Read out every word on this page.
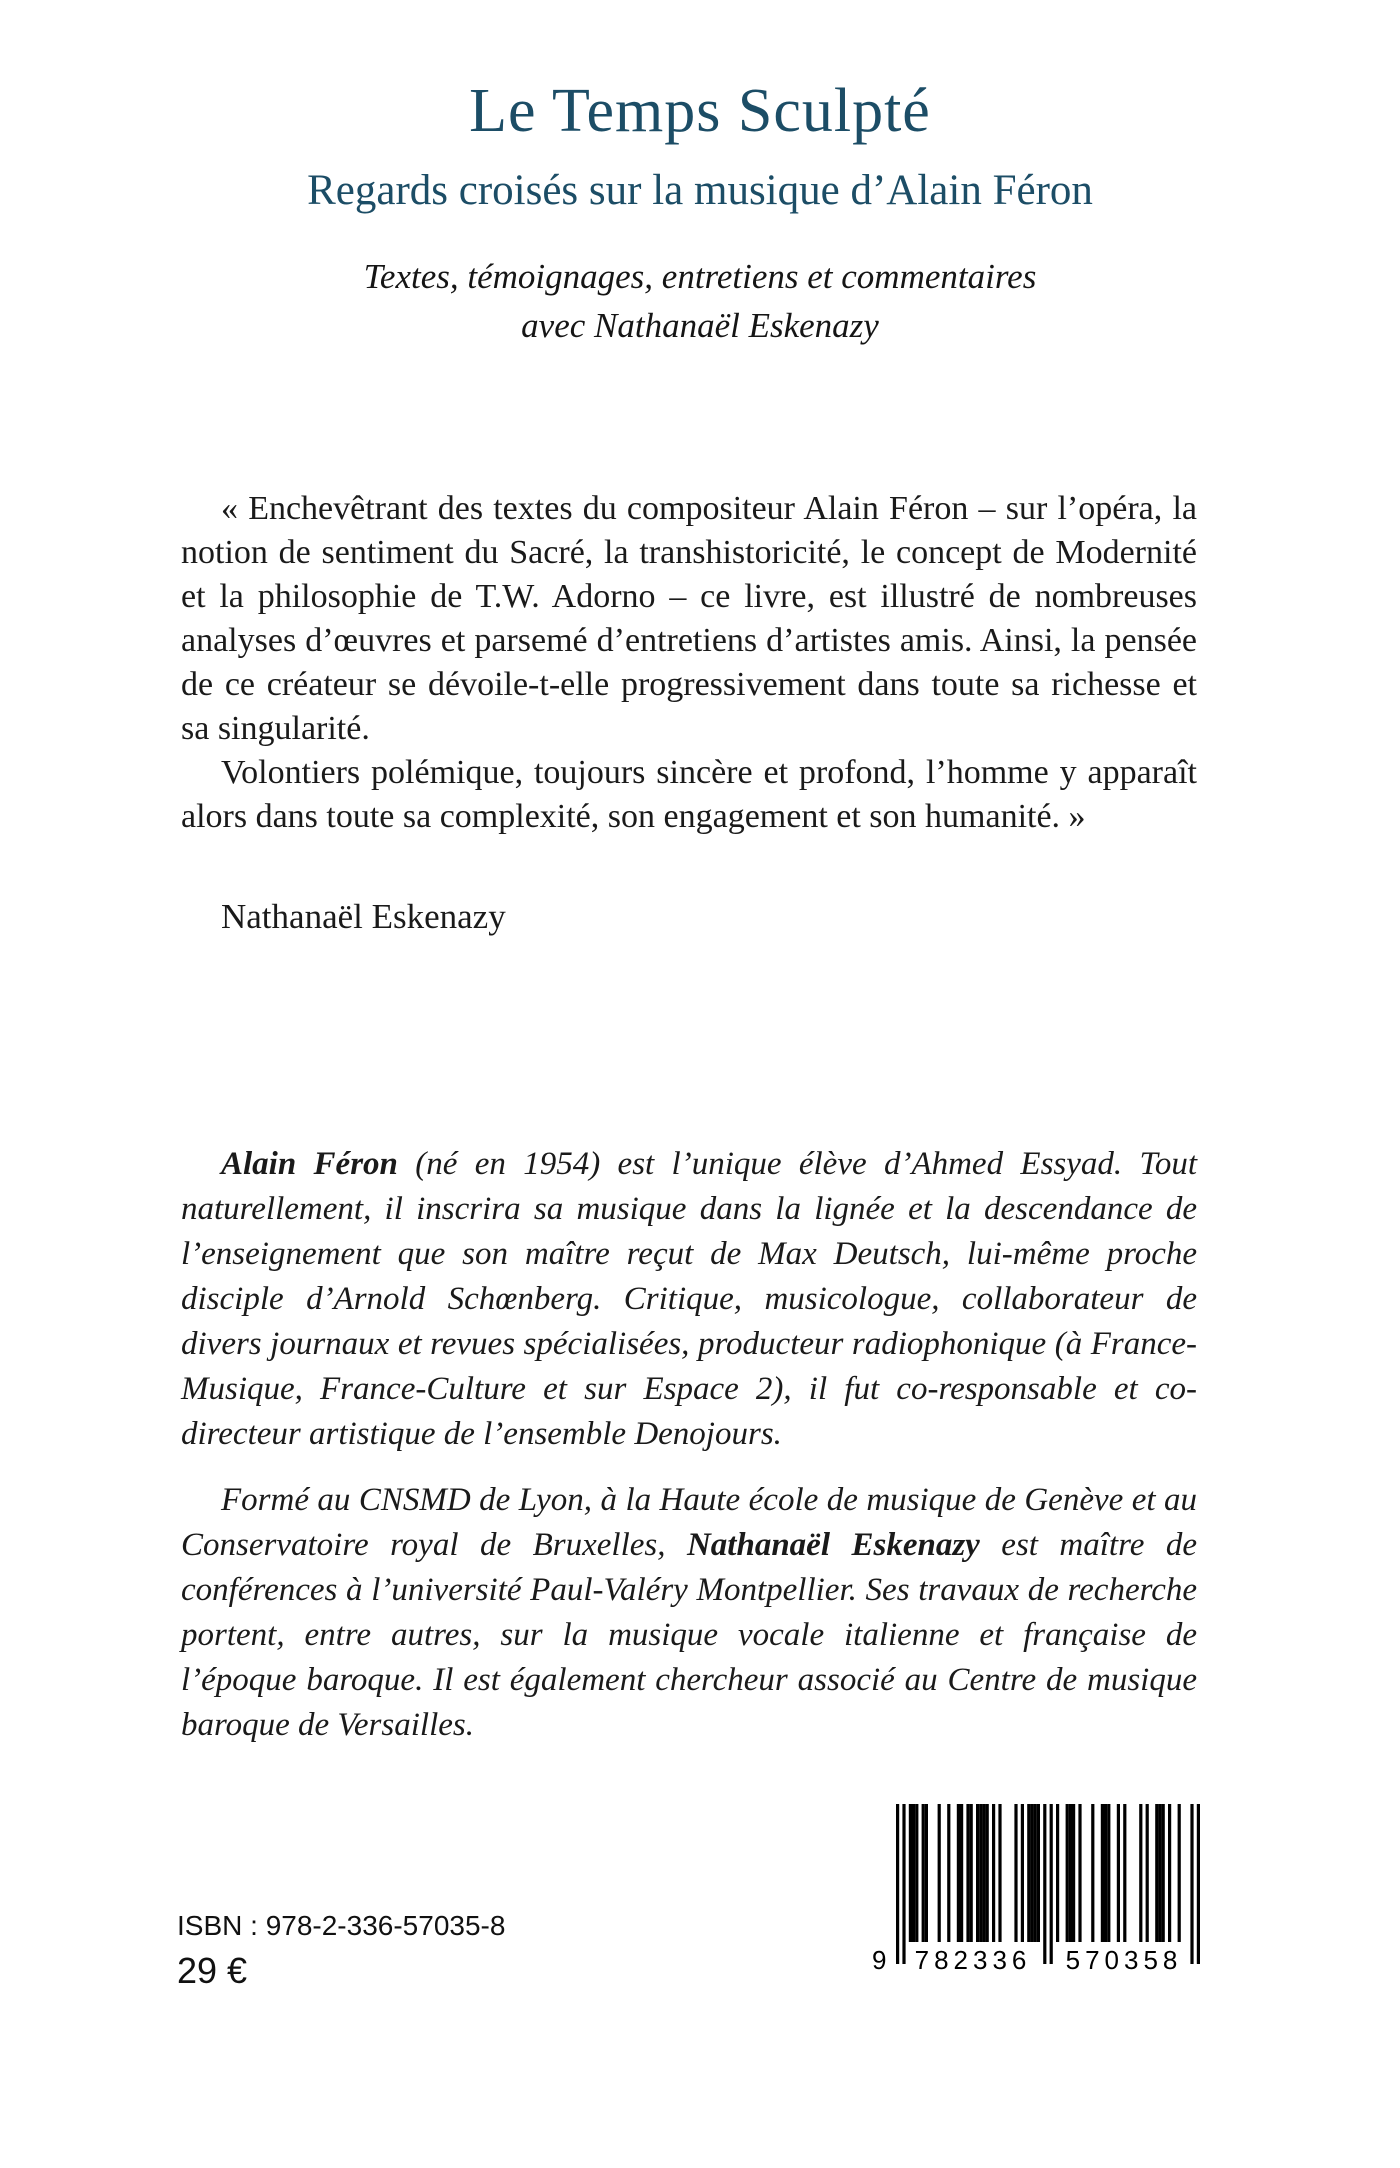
Le Temps Sculpté
Regards croisés sur la musique d’Alain Féron
Textes, témoignages, entretiens et commentaires
avec Nathanaël Eskenazy

« Enchevêtrant des textes du compositeur Alain Féron – sur l’opéra, la notion de sentiment du Sacré, la transhistoricité, le concept de Modernité et la philosophie de T.W. Adorno – ce livre, est illustré de nombreuses analyses d’œuvres et parsemé d’entretiens d’artistes amis. Ainsi, la pensée de ce créateur se dévoile-t-elle progressivement dans toute sa richesse et sa singularité.

Volontiers polémique, toujours sincère et profond, l’homme y apparaît alors dans toute sa complexité, son engagement et son humanité. »

Nathanaël Eskenazy

Alain Féron (né en 1954) est l’unique élève d’Ahmed Essyad. Tout naturellement, il inscrira sa musique dans la lignée et la descendance de l’enseignement que son maître reçut de Max Deutsch, lui-même proche disciple d’Arnold Schœnberg. Critique, musicologue, collaborateur de divers journaux et revues spécialisées, producteur radiophonique (à France-Musique, France-Culture et sur Espace 2), il fut co-responsable et co-directeur artistique de l’ensemble Denojours.

Formé au CNSMD de Lyon, à la Haute école de musique de Genève et au Conservatoire royal de Bruxelles, Nathanaël Eskenazy est maître de conférences à l’université Paul-Valéry Montpellier. Ses travaux de recherche portent, entre autres, sur la musique vocale italienne et française de l’époque baroque. Il est également chercheur associé au Centre de musique baroque de Versailles.

ISBN : 978-2-336-57035-8
29 €	9	782336	570358
